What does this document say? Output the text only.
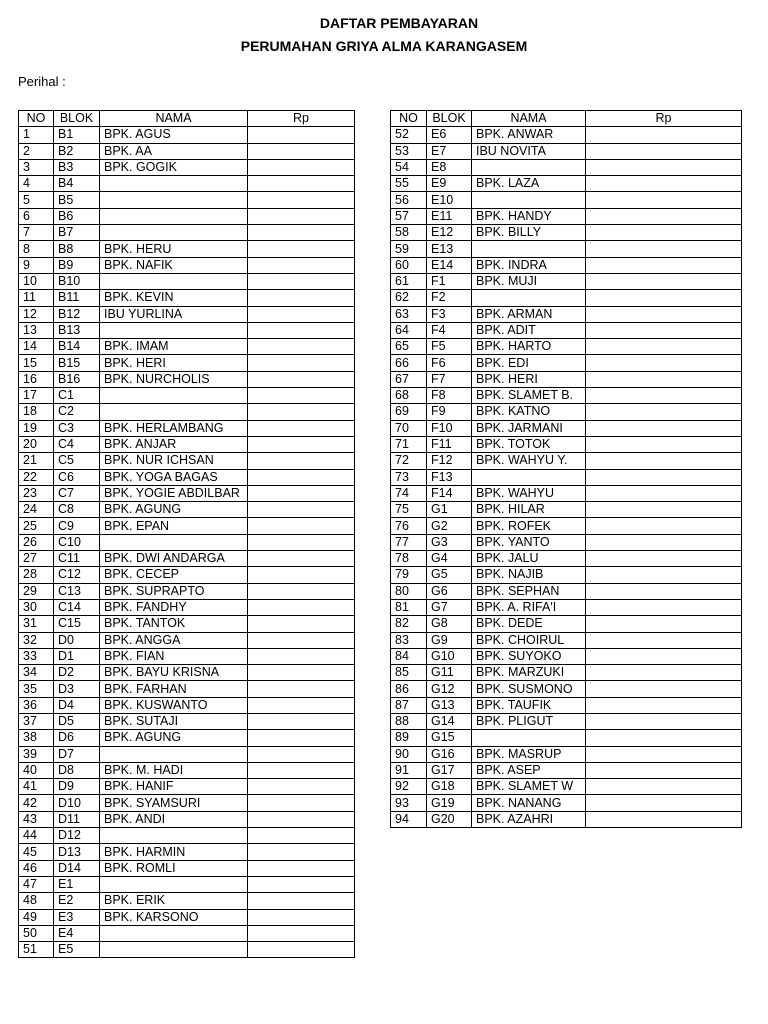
DAFTAR PEMBAYARAN
PERUMAHAN GRIYA ALMA KARANGASEM
Perihal :
NO	BLOK	NAMA	Rp
1	B1	BPK. AGUS	
2	B2	BPK. AA	
3	B3	BPK. GOGIK	
4	B4		
5	B5		
6	B6		
7	B7		
8	B8	BPK. HERU	
9	B9	BPK. NAFIK	
10	B10		
11	B11	BPK. KEVIN	
12	B12	IBU YURLINA	
13	B13		
14	B14	BPK. IMAM	
15	B15	BPK. HERI	
16	B16	BPK. NURCHOLIS	
17	C1		
18	C2		
19	C3	BPK. HERLAMBANG	
20	C4	BPK. ANJAR	
21	C5	BPK. NUR ICHSAN	
22	C6	BPK. YOGA BAGAS	
23	C7	BPK. YOGIE ABDILBAR	
24	C8	BPK. AGUNG	
25	C9	BPK. EPAN	
26	C10		
27	C11	BPK. DWI ANDARGA	
28	C12	BPK. CECEP	
29	C13	BPK. SUPRAPTO	
30	C14	BPK. FANDHY	
31	C15	BPK. TANTOK	
32	D0	BPK. ANGGA	
33	D1	BPK. FIAN	
34	D2	BPK. BAYU KRISNA	
35	D3	BPK. FARHAN	
36	D4	BPK. KUSWANTO	
37	D5	BPK. SUTAJI	
38	D6	BPK. AGUNG	
39	D7		
40	D8	BPK. M. HADI	
41	D9	BPK. HANIF	
42	D10	BPK. SYAMSURI	
43	D11	BPK. ANDI	
44	D12		
45	D13	BPK. HARMIN	
46	D14	BPK. ROMLI	
47	E1		
48	E2	BPK. ERIK	
49	E3	BPK. KARSONO	
50	E4		
51	E5		
NO	BLOK	NAMA	Rp
52	E6	BPK. ANWAR	
53	E7	IBU NOVITA	
54	E8		
55	E9	BPK. LAZA	
56	E10		
57	E11	BPK. HANDY	
58	E12	BPK. BILLY	
59	E13		
60	E14	BPK. INDRA	
61	F1	BPK. MUJI	
62	F2		
63	F3	BPK. ARMAN	
64	F4	BPK. ADIT	
65	F5	BPK. HARTO	
66	F6	BPK. EDI	
67	F7	BPK. HERI	
68	F8	BPK. SLAMET B.	
69	F9	BPK. KATNO	
70	F10	BPK. JARMANI	
71	F11	BPK. TOTOK	
72	F12	BPK. WAHYU Y.	
73	F13		
74	F14	BPK. WAHYU	
75	G1	BPK. HILAR	
76	G2	BPK. ROFEK	
77	G3	BPK. YANTO	
78	G4	BPK. JALU	
79	G5	BPK. NAJIB	
80	G6	BPK. SEPHAN	
81	G7	BPK. A. RIFA'I	
82	G8	BPK. DEDE	
83	G9	BPK. CHOIRUL	
84	G10	BPK. SUYOKO	
85	G11	BPK. MARZUKI	
86	G12	BPK. SUSMONO	
87	G13	BPK. TAUFIK	
88	G14	BPK. PLIGUT	
89	G15		
90	G16	BPK. MASRUP	
91	G17	BPK. ASEP	
92	G18	BPK. SLAMET W	
93	G19	BPK. NANANG	
94	G20	BPK. AZAHRI	
